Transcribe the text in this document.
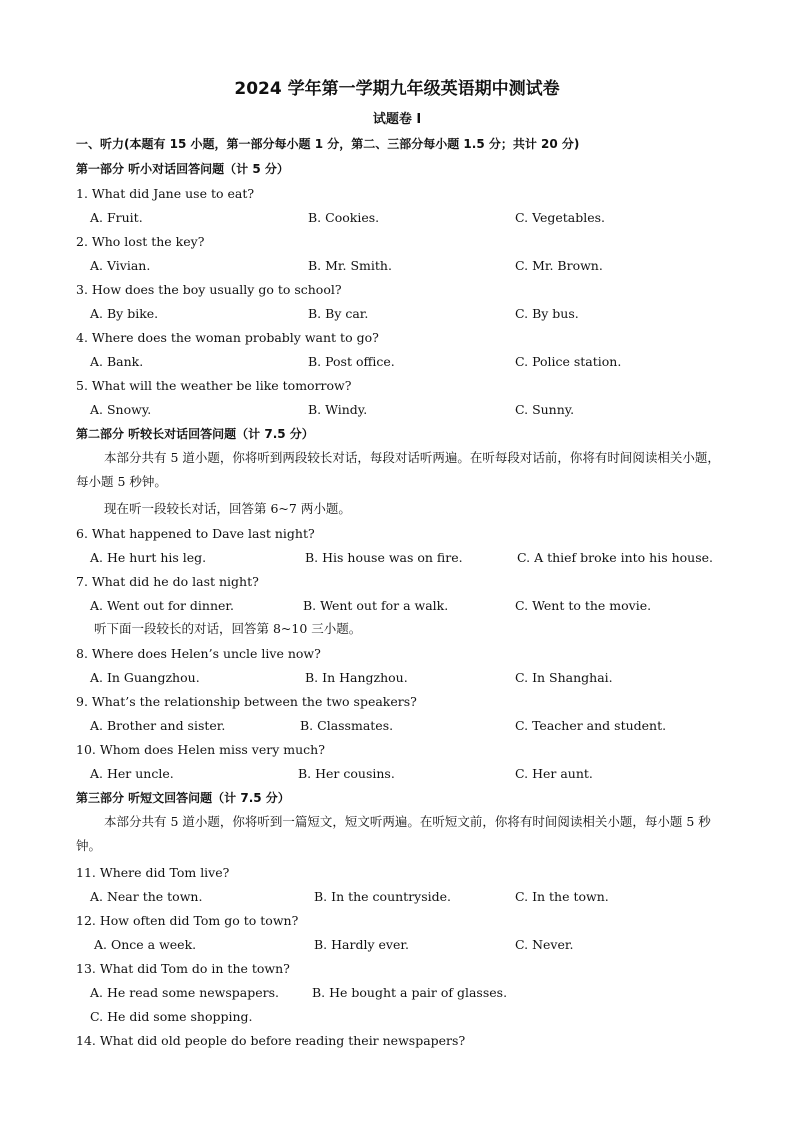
2024 学年第一学期九年级英语期中测试卷
试题卷 I
一、听力(本题有 15 小题，第一部分每小题 1 分，第二、三部分每小题 1.5 分；共计 20 分)
第一部分 听小对话回答问题（计 5 分）
1. What did Jane use to eat?
A. Fruit.	B. Cookies.	C. Vegetables.
2. Who lost the key?
A. Vivian.	B. Mr. Smith.	C. Mr. Brown.
3. How does the boy usually go to school?
A. By bike.	B. By car.	C. By bus.
4. Where does the woman probably want to go?
A. Bank.	B. Post office.	C. Police station.
5. What will the weather be like tomorrow?
A. Snowy.	B. Windy.	C. Sunny.
第二部分 听较长对话回答问题（计 7.5 分）
本部分共有 5 道小题，你将听到两段较长对话，每段对话听两遍。在听每段对话前，你将有时间阅读相关小题，每小题 5 秒钟。
现在听一段较长对话，回答第 6~7 两小题。
6. What happened to Dave last night?
A. He hurt his leg.	B. His house was on fire.	C. A thief broke into his house.
7. What did he do last night?
A. Went out for dinner.	B. Went out for a walk.	C. Went to the movie.
听下面一段较长的对话，回答第 8~10 三小题。
8. Where does Helen’s uncle live now?
A. In Guangzhou.	B. In Hangzhou.	C. In Shanghai.
9. What’s the relationship between the two speakers?
A. Brother and sister.	B. Classmates.	C. Teacher and student.
10. Whom does Helen miss very much?
A. Her uncle.	B. Her cousins.	C. Her aunt.
第三部分 听短文回答问题（计 7.5 分）
本部分共有 5 道小题，你将听到一篇短文，短文听两遍。在听短文前，你将有时间阅读相关小题，每小题 5 秒钟。
11. Where did Tom live?
A. Near the town.	B. In the countryside.	C. In the town.
12. How often did Tom go to town?
A. Once a week.	B. Hardly ever.	C. Never.
13. What did Tom do in the town?
A. He read some newspapers.	B. He bought a pair of glasses.
C. He did some shopping.
14. What did old people do before reading their newspapers?
